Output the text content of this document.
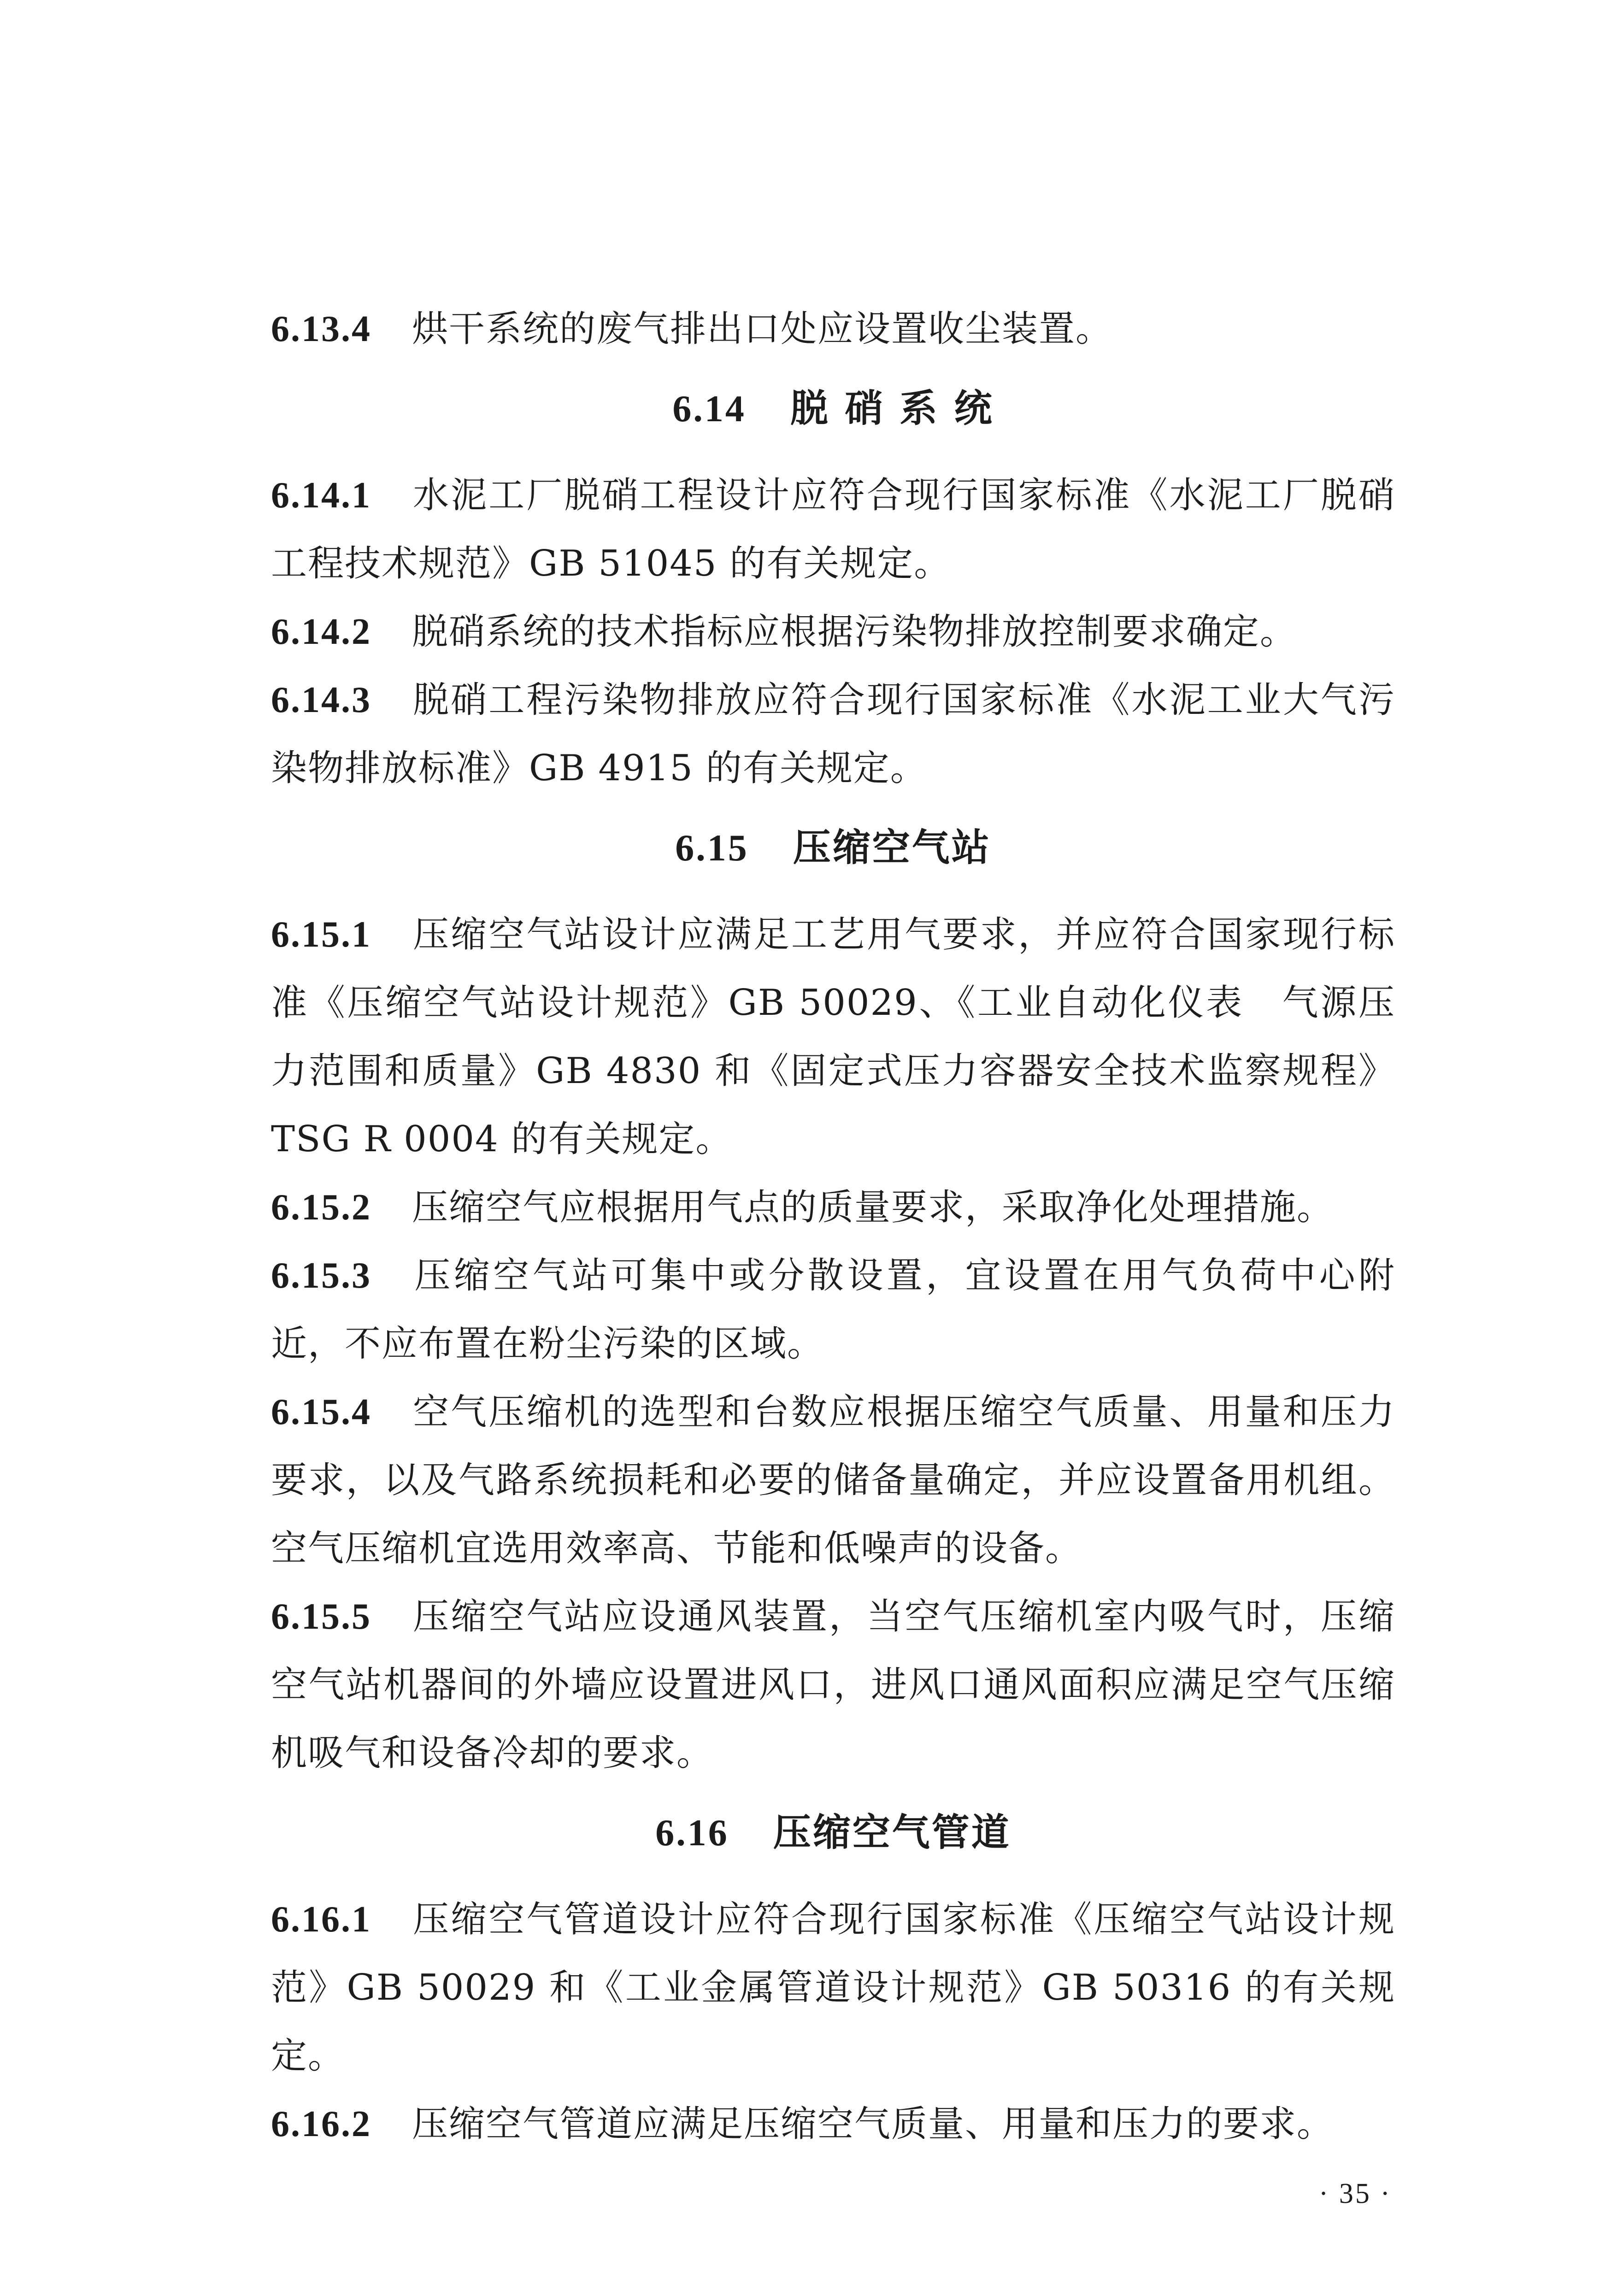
6.13.4 烘干系统的废气排出口处应设置收尘装置。

6.14 脱 硝 系 统

6.14.1 水泥工厂脱硝工程设计应符合现行国家标准《水泥工厂脱硝工程技术规范》GB 51045 的有关规定。

6.14.2 脱硝系统的技术指标应根据污染物排放控制要求确定。

6.14.3 脱硝工程污染物排放应符合现行国家标准《水泥工业大气污染物排放标准》GB 4915 的有关规定。

6.15 压缩空气站

6.15.1 压缩空气站设计应满足工艺用气要求，并应符合国家现行标准《压缩空气站设计规范》GB 50029、《工业自动化仪表　气源压力范围和质量》GB 4830 和《固定式压力容器安全技术监察规程》TSG R 0004 的有关规定。

6.15.2 压缩空气应根据用气点的质量要求，采取净化处理措施。

6.15.3 压缩空气站可集中或分散设置，宜设置在用气负荷中心附近，不应布置在粉尘污染的区域。

6.15.4 空气压缩机的选型和台数应根据压缩空气质量、用量和压力要求，以及气路系统损耗和必要的储备量确定，并应设置备用机组。空气压缩机宜选用效率高、节能和低噪声的设备。

6.15.5 压缩空气站应设通风装置，当空气压缩机室内吸气时，压缩空气站机器间的外墙应设置进风口，进风口通风面积应满足空气压缩机吸气和设备冷却的要求。

6.16 压缩空气管道

6.16.1 压缩空气管道设计应符合现行国家标准《压缩空气站设计规范》GB 50029 和《工业金属管道设计规范》GB 50316 的有关规定。

6.16.2 压缩空气管道应满足压缩空气质量、用量和压力的要求。

· 35 ·
